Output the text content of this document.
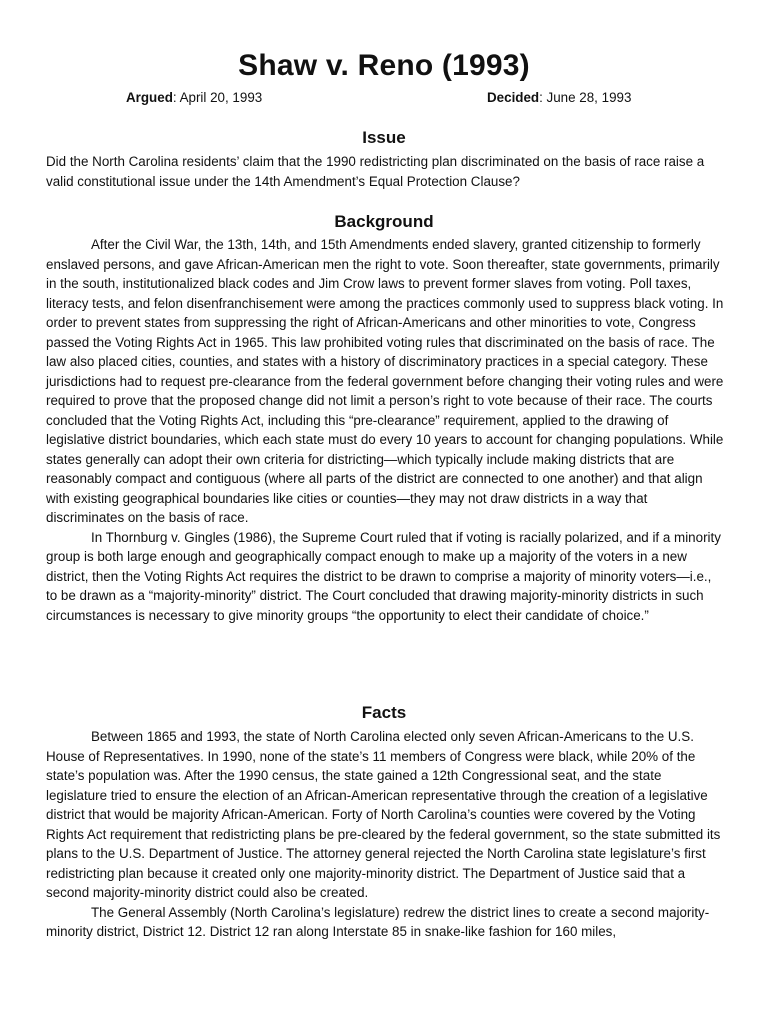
Shaw v. Reno (1993)
Argued: April 20, 1993	Decided: June 28, 1993
Issue

Did the North Carolina residents’ claim that the 1990 redistricting plan discriminated on the basis of race raise a valid constitutional issue under the 14th Amendment’s Equal Protection Clause?

Background

After the Civil War, the 13th, 14th, and 15th Amendments ended slavery, granted citizenship to formerly enslaved persons, and gave African-American men the right to vote. Soon thereafter, state governments, primarily in the south, institutionalized black codes and Jim Crow laws to prevent former slaves from voting. Poll taxes, literacy tests, and felon disenfranchisement were among the practices commonly used to suppress black voting. In order to prevent states from suppressing the right of African-Americans and other minorities to vote, Congress passed the Voting Rights Act in 1965. This law prohibited voting rules that discriminated on the basis of race. The law also placed cities, counties, and states with a history of discriminatory practices in a special category. These jurisdictions had to request pre-clearance from the federal government before changing their voting rules and were required to prove that the proposed change did not limit a person’s right to vote because of their race. The courts concluded that the Voting Rights Act, including this “pre-clearance” requirement, applied to the drawing of legislative district boundaries, which each state must do every 10 years to account for changing populations. While states generally can adopt their own criteria for districting—which typically include making districts that are reasonably compact and contiguous (where all parts of the district are connected to one another) and that align with existing geographical boundaries like cities or counties—they may not draw districts in a way that discriminates on the basis of race.

In Thornburg v. Gingles (1986), the Supreme Court ruled that if voting is racially polarized, and if a minority group is both large enough and geographically compact enough to make up a majority of the voters in a new district, then the Voting Rights Act requires the district to be drawn to comprise a majority of minority voters—i.e., to be drawn as a “majority-minority” district. The Court concluded that drawing majority-minority districts in such circumstances is necessary to give minority groups “the opportunity to elect their candidate of choice.”

Facts

Between 1865 and 1993, the state of North Carolina elected only seven African-Americans to the U.S. House of Representatives. In 1990, none of the state’s 11 members of Congress were black, while 20% of the state’s population was. After the 1990 census, the state gained a 12th Congressional seat, and the state legislature tried to ensure the election of an African-American representative through the creation of a legislative district that would be majority African-American. Forty of North Carolina’s counties were covered by the Voting Rights Act requirement that redistricting plans be pre-cleared by the federal government, so the state submitted its plans to the U.S. Department of Justice. The attorney general rejected the North Carolina state legislature’s first redistricting plan because it created only one majority-minority district. The Department of Justice said that a second majority-minority district could also be created.

The General Assembly (North Carolina’s legislature) redrew the district lines to create a second majority-minority district, District 12. District 12 ran along Interstate 85 in snake-like fashion for 160 miles,
